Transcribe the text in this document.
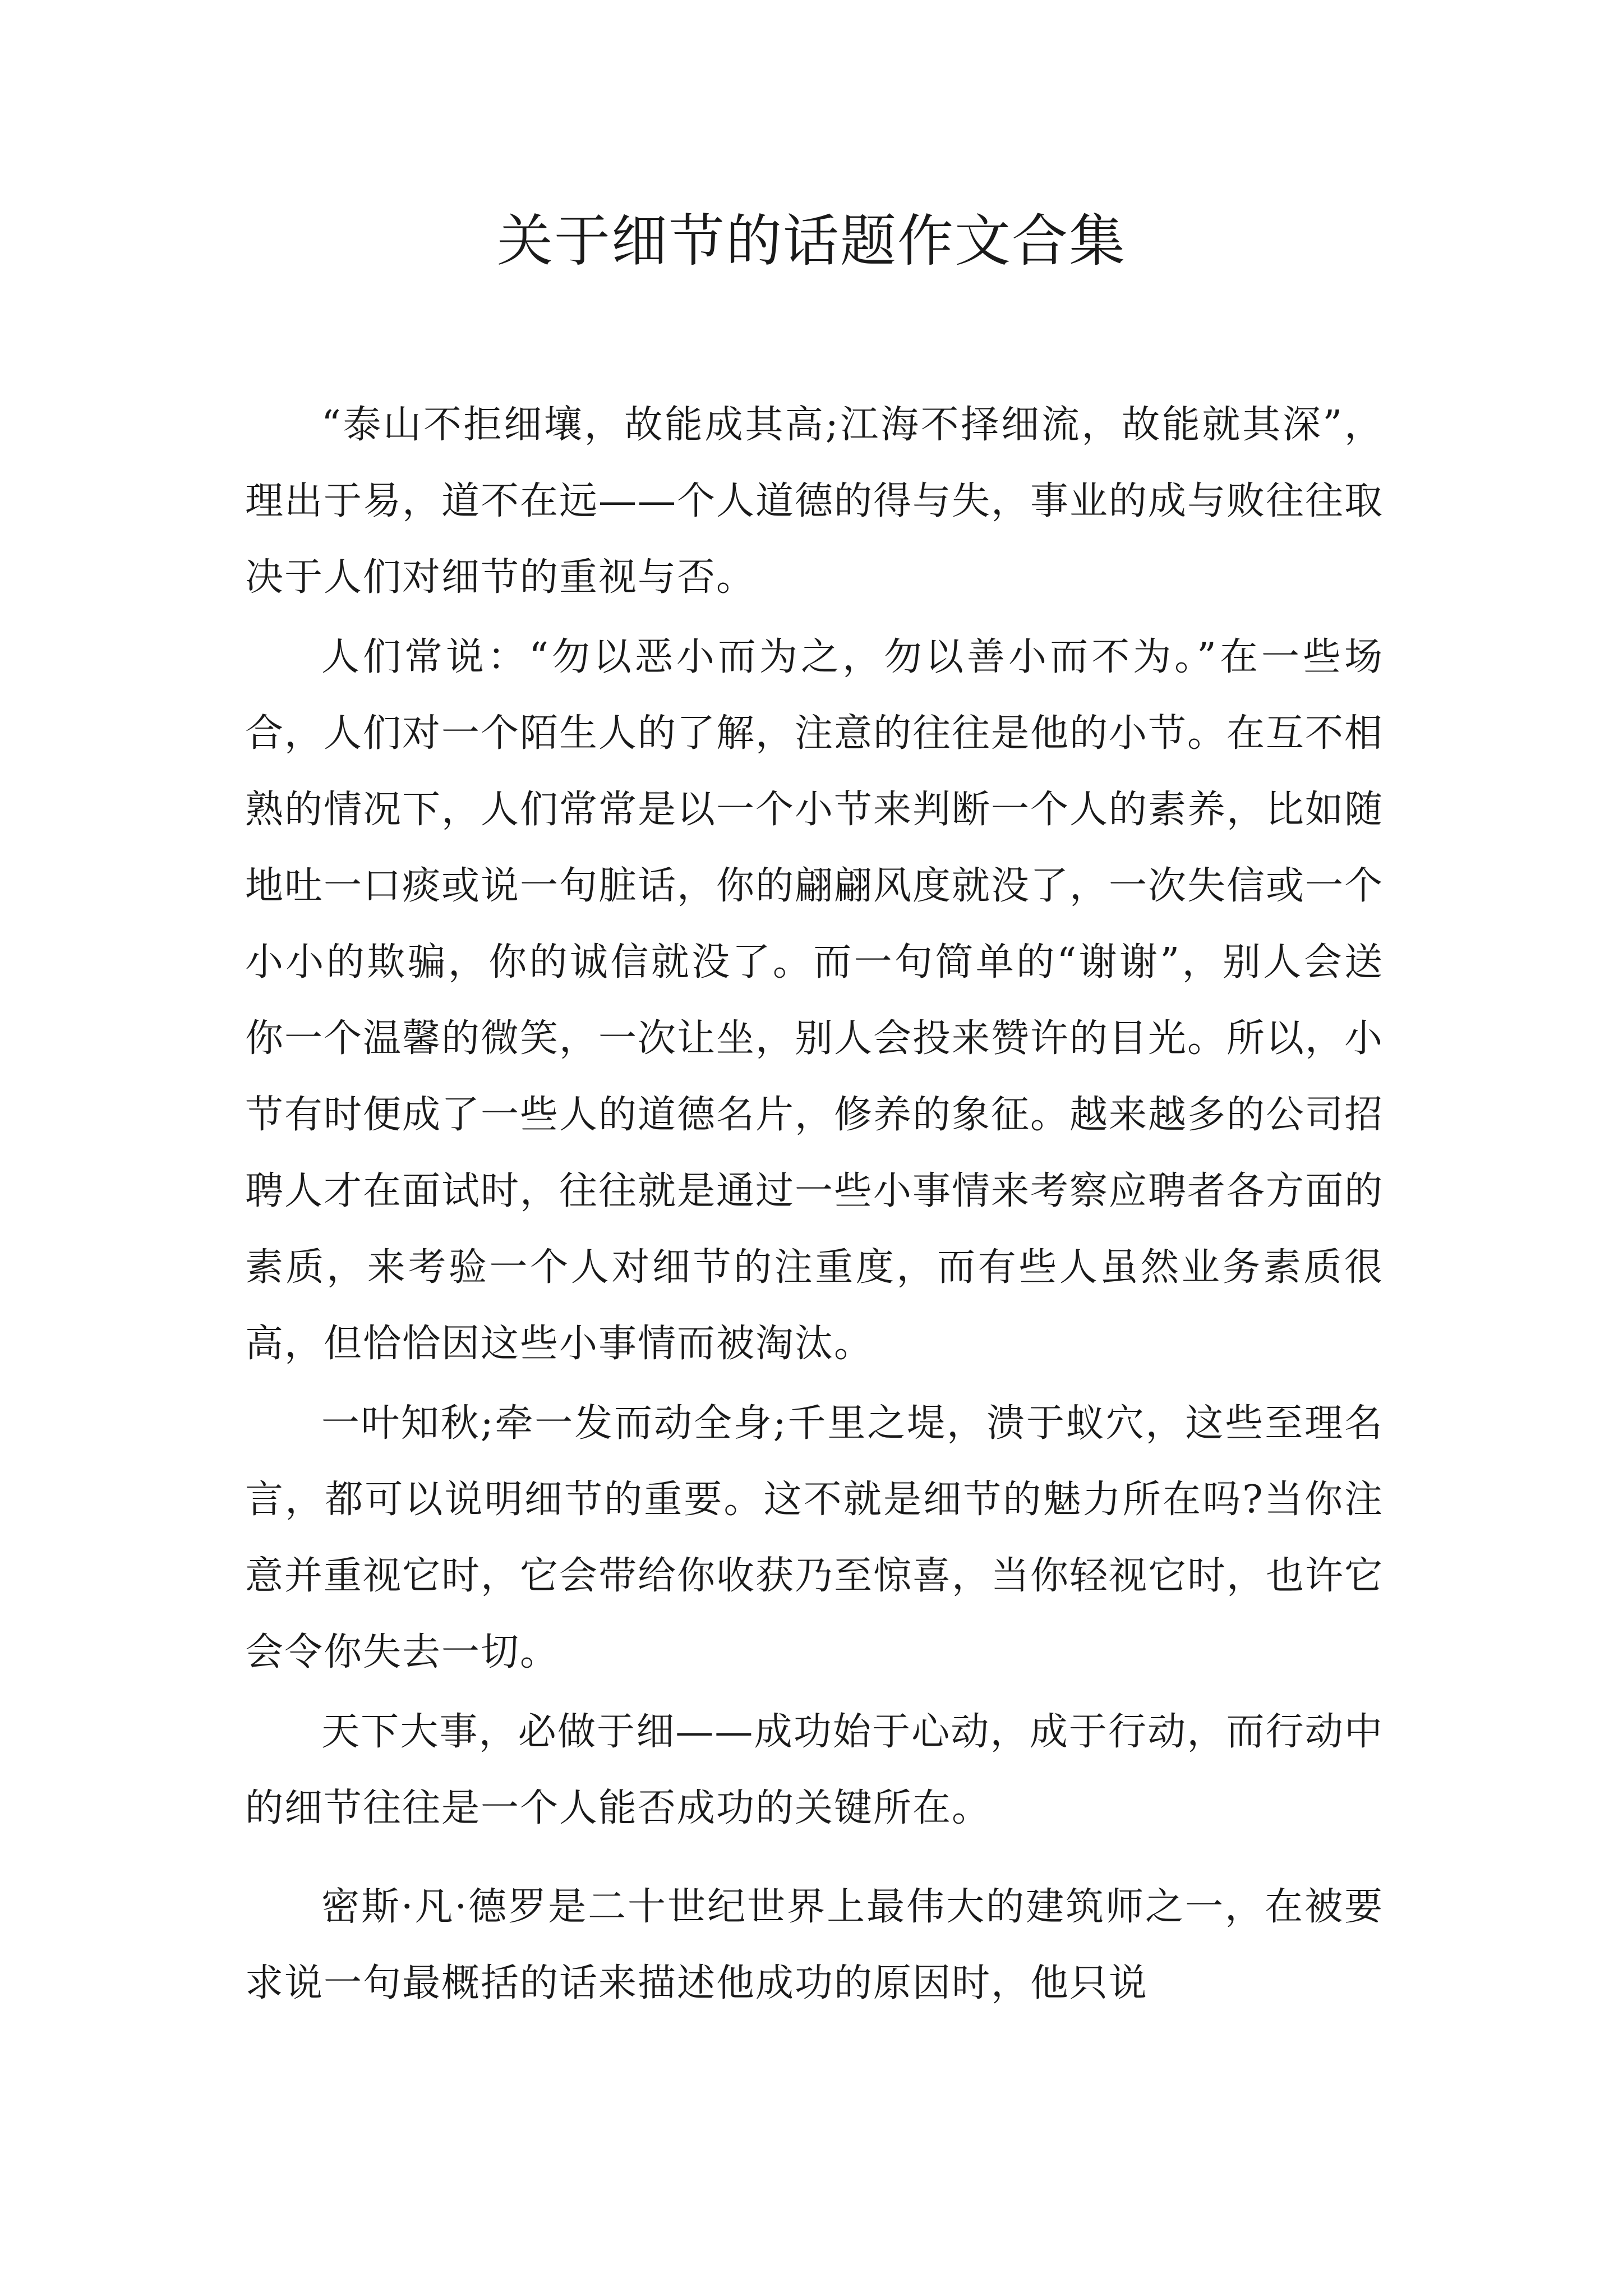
关于细节的话题作文合集

“泰山不拒细壤，故能成其高;江海不择细流，故能就其深”，理出于易，道不在远——个人道德的得与失，事业的成与败往往取决于人们对细节的重视与否。

人们常说：“勿以恶小而为之，勿以善小而不为。”在一些场合，人们对一个陌生人的了解，注意的往往是他的小节。在互不相熟的情况下，人们常常是以一个小节来判断一个人的素养，比如随地吐一口痰或说一句脏话，你的翩翩风度就没了，一次失信或一个小小的欺骗，你的诚信就没了。而一句简单的“谢谢”，别人会送你一个温馨的微笑，一次让坐，别人会投来赞许的目光。所以，小节有时便成了一些人的道德名片，修养的象征。越来越多的公司招聘人才在面试时，往往就是通过一些小事情来考察应聘者各方面的素质，来考验一个人对细节的注重度，而有些人虽然业务素质很高，但恰恰因这些小事情而被淘汰。

一叶知秋;牵一发而动全身;千里之堤，溃于蚁穴，这些至理名言，都可以说明细节的重要。这不就是细节的魅力所在吗?当你注意并重视它时，它会带给你收获乃至惊喜，当你轻视它时，也许它会令你失去一切。

天下大事，必做于细——成功始于心动，成于行动，而行动中的细节往往是一个人能否成功的关键所在。

密斯·凡·德罗是二十世纪世界上最伟大的建筑师之一，在被要求说一句最概括的话来描述他成功的原因时，他只说
